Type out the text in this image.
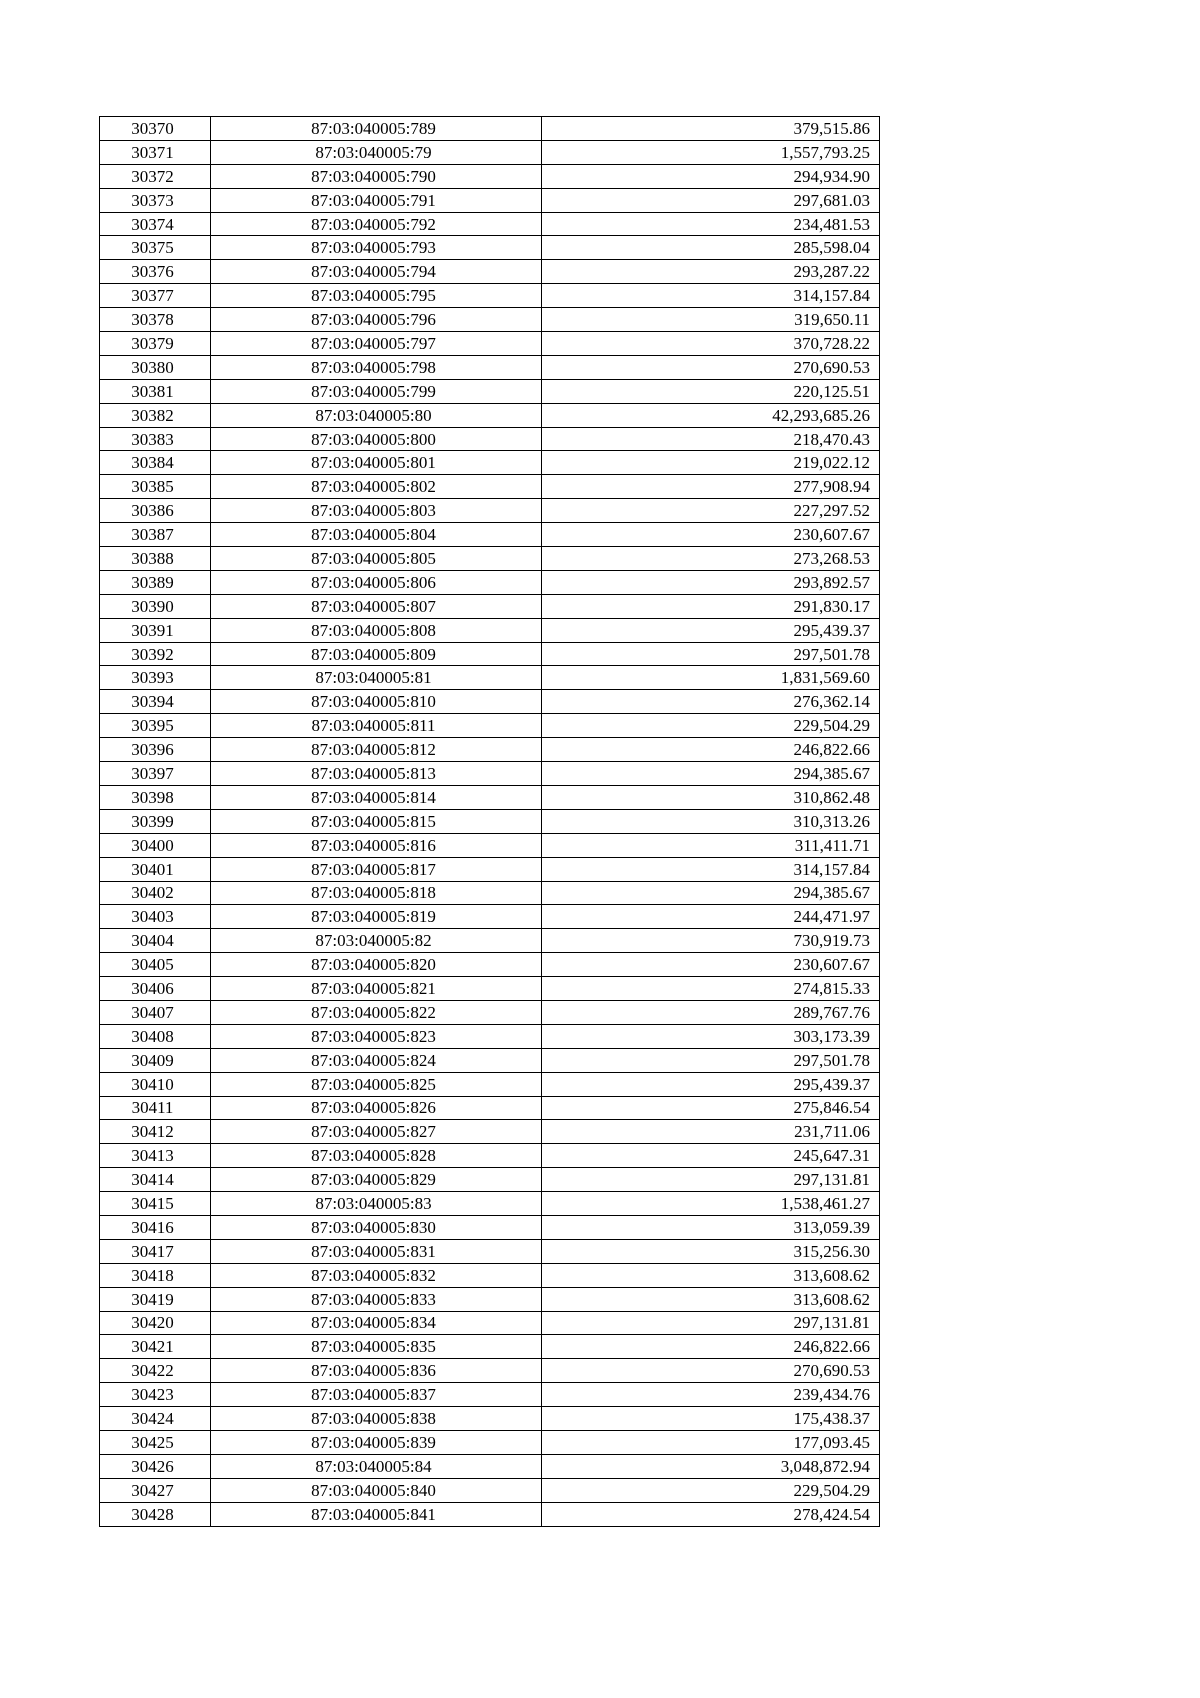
30370	87:03:040005:789	379,515.86
30371	87:03:040005:79	1,557,793.25
30372	87:03:040005:790	294,934.90
30373	87:03:040005:791	297,681.03
30374	87:03:040005:792	234,481.53
30375	87:03:040005:793	285,598.04
30376	87:03:040005:794	293,287.22
30377	87:03:040005:795	314,157.84
30378	87:03:040005:796	319,650.11
30379	87:03:040005:797	370,728.22
30380	87:03:040005:798	270,690.53
30381	87:03:040005:799	220,125.51
30382	87:03:040005:80	42,293,685.26
30383	87:03:040005:800	218,470.43
30384	87:03:040005:801	219,022.12
30385	87:03:040005:802	277,908.94
30386	87:03:040005:803	227,297.52
30387	87:03:040005:804	230,607.67
30388	87:03:040005:805	273,268.53
30389	87:03:040005:806	293,892.57
30390	87:03:040005:807	291,830.17
30391	87:03:040005:808	295,439.37
30392	87:03:040005:809	297,501.78
30393	87:03:040005:81	1,831,569.60
30394	87:03:040005:810	276,362.14
30395	87:03:040005:811	229,504.29
30396	87:03:040005:812	246,822.66
30397	87:03:040005:813	294,385.67
30398	87:03:040005:814	310,862.48
30399	87:03:040005:815	310,313.26
30400	87:03:040005:816	311,411.71
30401	87:03:040005:817	314,157.84
30402	87:03:040005:818	294,385.67
30403	87:03:040005:819	244,471.97
30404	87:03:040005:82	730,919.73
30405	87:03:040005:820	230,607.67
30406	87:03:040005:821	274,815.33
30407	87:03:040005:822	289,767.76
30408	87:03:040005:823	303,173.39
30409	87:03:040005:824	297,501.78
30410	87:03:040005:825	295,439.37
30411	87:03:040005:826	275,846.54
30412	87:03:040005:827	231,711.06
30413	87:03:040005:828	245,647.31
30414	87:03:040005:829	297,131.81
30415	87:03:040005:83	1,538,461.27
30416	87:03:040005:830	313,059.39
30417	87:03:040005:831	315,256.30
30418	87:03:040005:832	313,608.62
30419	87:03:040005:833	313,608.62
30420	87:03:040005:834	297,131.81
30421	87:03:040005:835	246,822.66
30422	87:03:040005:836	270,690.53
30423	87:03:040005:837	239,434.76
30424	87:03:040005:838	175,438.37
30425	87:03:040005:839	177,093.45
30426	87:03:040005:84	3,048,872.94
30427	87:03:040005:840	229,504.29
30428	87:03:040005:841	278,424.54
